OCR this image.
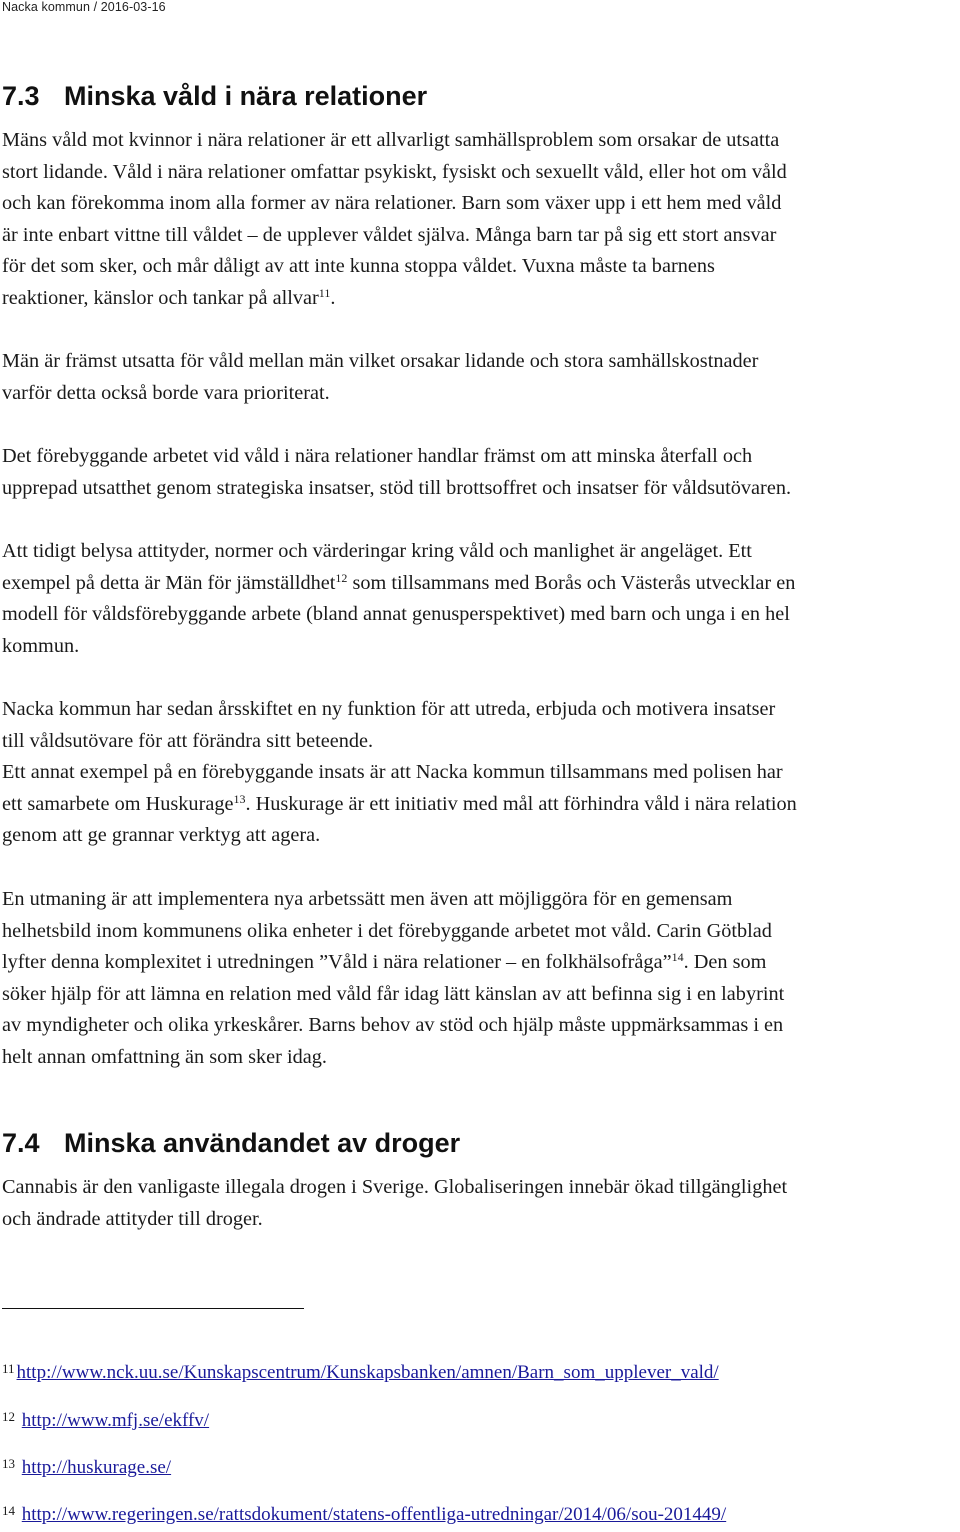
Nacka kommun / 2016-03-16
7.3 Minska våld i nära relationer
Mäns våld mot kvinnor i nära relationer är ett allvarligt samhällsproblem som orsakar de utsatta
stort lidande. Våld i nära relationer omfattar psykiskt, fysiskt och sexuellt våld, eller hot om våld
och kan förekomma inom alla former av nära relationer. Barn som växer upp i ett hem med våld
är inte enbart vittne till våldet – de upplever våldet själva. Många barn tar på sig ett stort ansvar
för det som sker, och mår dåligt av att inte kunna stoppa våldet. Vuxna måste ta barnens
reaktioner, känslor och tankar på allvar$^{11}$.
Män är främst utsatta för våld mellan män vilket orsakar lidande och stora samhällskostnader
varför detta också borde vara prioriterat.
Det förebyggande arbetet vid våld i nära relationer handlar främst om att minska återfall och
upprepad utsatthet genom strategiska insatser, stöd till brottsoffret och insatser för våldsutövaren.
Att tidigt belysa attityder, normer och värderingar kring våld och manlighet är angeläget. Ett
exempel på detta är Män för jämställdhet$^{12}$ som tillsammans med Borås och Västerås utvecklar en
modell för våldsförebyggande arbete (bland annat genusperspektivet) med barn och unga i en hel
kommun.
Nacka kommun har sedan årsskiftet en ny funktion för att utreda, erbjuda och motivera insatser
till våldsutövare för att förändra sitt beteende.
Ett annat exempel på en förebyggande insats är att Nacka kommun tillsammans med polisen har
ett samarbete om Huskurage$^{13}$. Huskurage är ett initiativ med mål att förhindra våld i nära relation
genom att ge grannar verktyg att agera.
En utmaning är att implementera nya arbetssätt men även att möjliggöra för en gemensam
helhetsbild inom kommunens olika enheter i det förebyggande arbetet mot våld. Carin Götblad
lyfter denna komplexitet i utredningen ”Våld i nära relationer – en folkhälsofråga”$^{14}$. Den som
söker hjälp för att lämna en relation med våld får idag lätt känslan av att befinna sig i en labyrint
av myndigheter och olika yrkeskårer. Barns behov av stöd och hjälp måste uppmärksammas i en
helt annan omfattning än som sker idag.
7.4 Minska användandet av droger
Cannabis är den vanligaste illegala drogen i Sverige. Globaliseringen innebär ökad tillgänglighet
och ändrade attityder till droger.
$^{11}$ http://www.nck.uu.se/Kunskapscentrum/Kunskapsbanken/amnen/Barn_som_upplever_vald/
$^{12}$ http://www.mfj.se/ekffv/
$^{13}$ http://huskurage.se/
$^{14}$ http://www.regeringen.se/rattsdokument/statens-offentliga-utredningar/2014/06/sou-201449/
